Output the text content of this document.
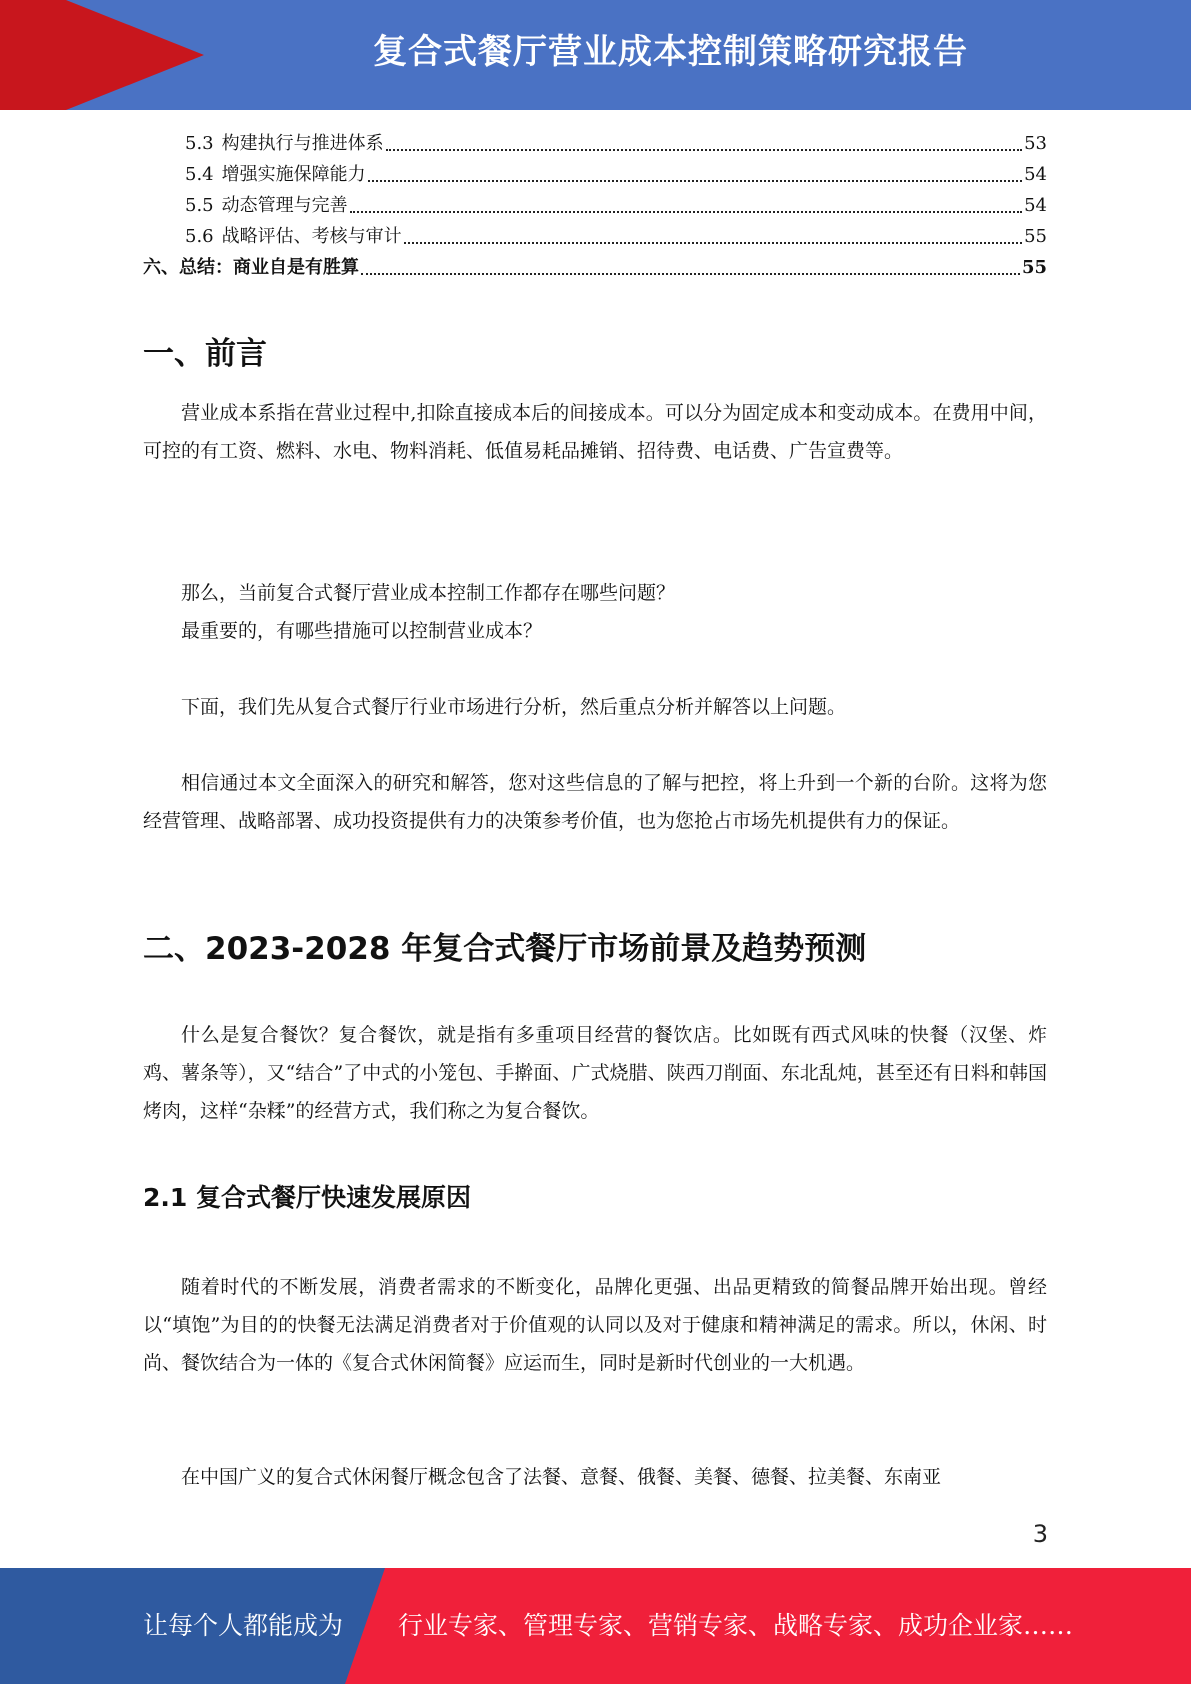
复合式餐厅营业成本控制策略研究报告
5.3 构建执行与推进体系	53
5.4 增强实施保障能力	54
5.5 动态管理与完善	54
5.6 战略评估、考核与审计	55
六、总结：商业自是有胜算	55
一、前言

营业成本系指在营业过程中,扣除直接成本后的间接成本。可以分为固定成本和变动成本。在费用中间，可控的有工资、燃料、水电、物料消耗、低值易耗品摊销、招待费、电话费、广告宣费等。

那么，当前复合式餐厅营业成本控制工作都存在哪些问题？

最重要的，有哪些措施可以控制营业成本？

下面，我们先从复合式餐厅行业市场进行分析，然后重点分析并解答以上问题。

相信通过本文全面深入的研究和解答，您对这些信息的了解与把控，将上升到一个新的台阶。这将为您经营管理、战略部署、成功投资提供有力的决策参考价值，也为您抢占市场先机提供有力的保证。

二、2023-2028 年复合式餐厅市场前景及趋势预测

什么是复合餐饮？复合餐饮，就是指有多重项目经营的餐饮店。比如既有西式风味的快餐（汉堡、炸鸡、薯条等），又“结合”了中式的小笼包、手擀面、广式烧腊、陕西刀削面、东北乱炖，甚至还有日料和韩国烤肉，这样“杂糅”的经营方式，我们称之为复合餐饮。

2.1 复合式餐厅快速发展原因

随着时代的不断发展，消费者需求的不断变化，品牌化更强、出品更精致的简餐品牌开始出现。曾经以“填饱”为目的的快餐无法满足消费者对于价值观的认同以及对于健康和精神满足的需求。所以，休闲、时尚、餐饮结合为一体的《复合式休闲简餐》应运而生，同时是新时代创业的一大机遇。

在中国广义的复合式休闲餐厅概念包含了法餐、意餐、俄餐、美餐、德餐、拉美餐、东南亚

3
让每个人都能成为 行业专家、管理专家、营销专家、战略专家、成功企业家……
